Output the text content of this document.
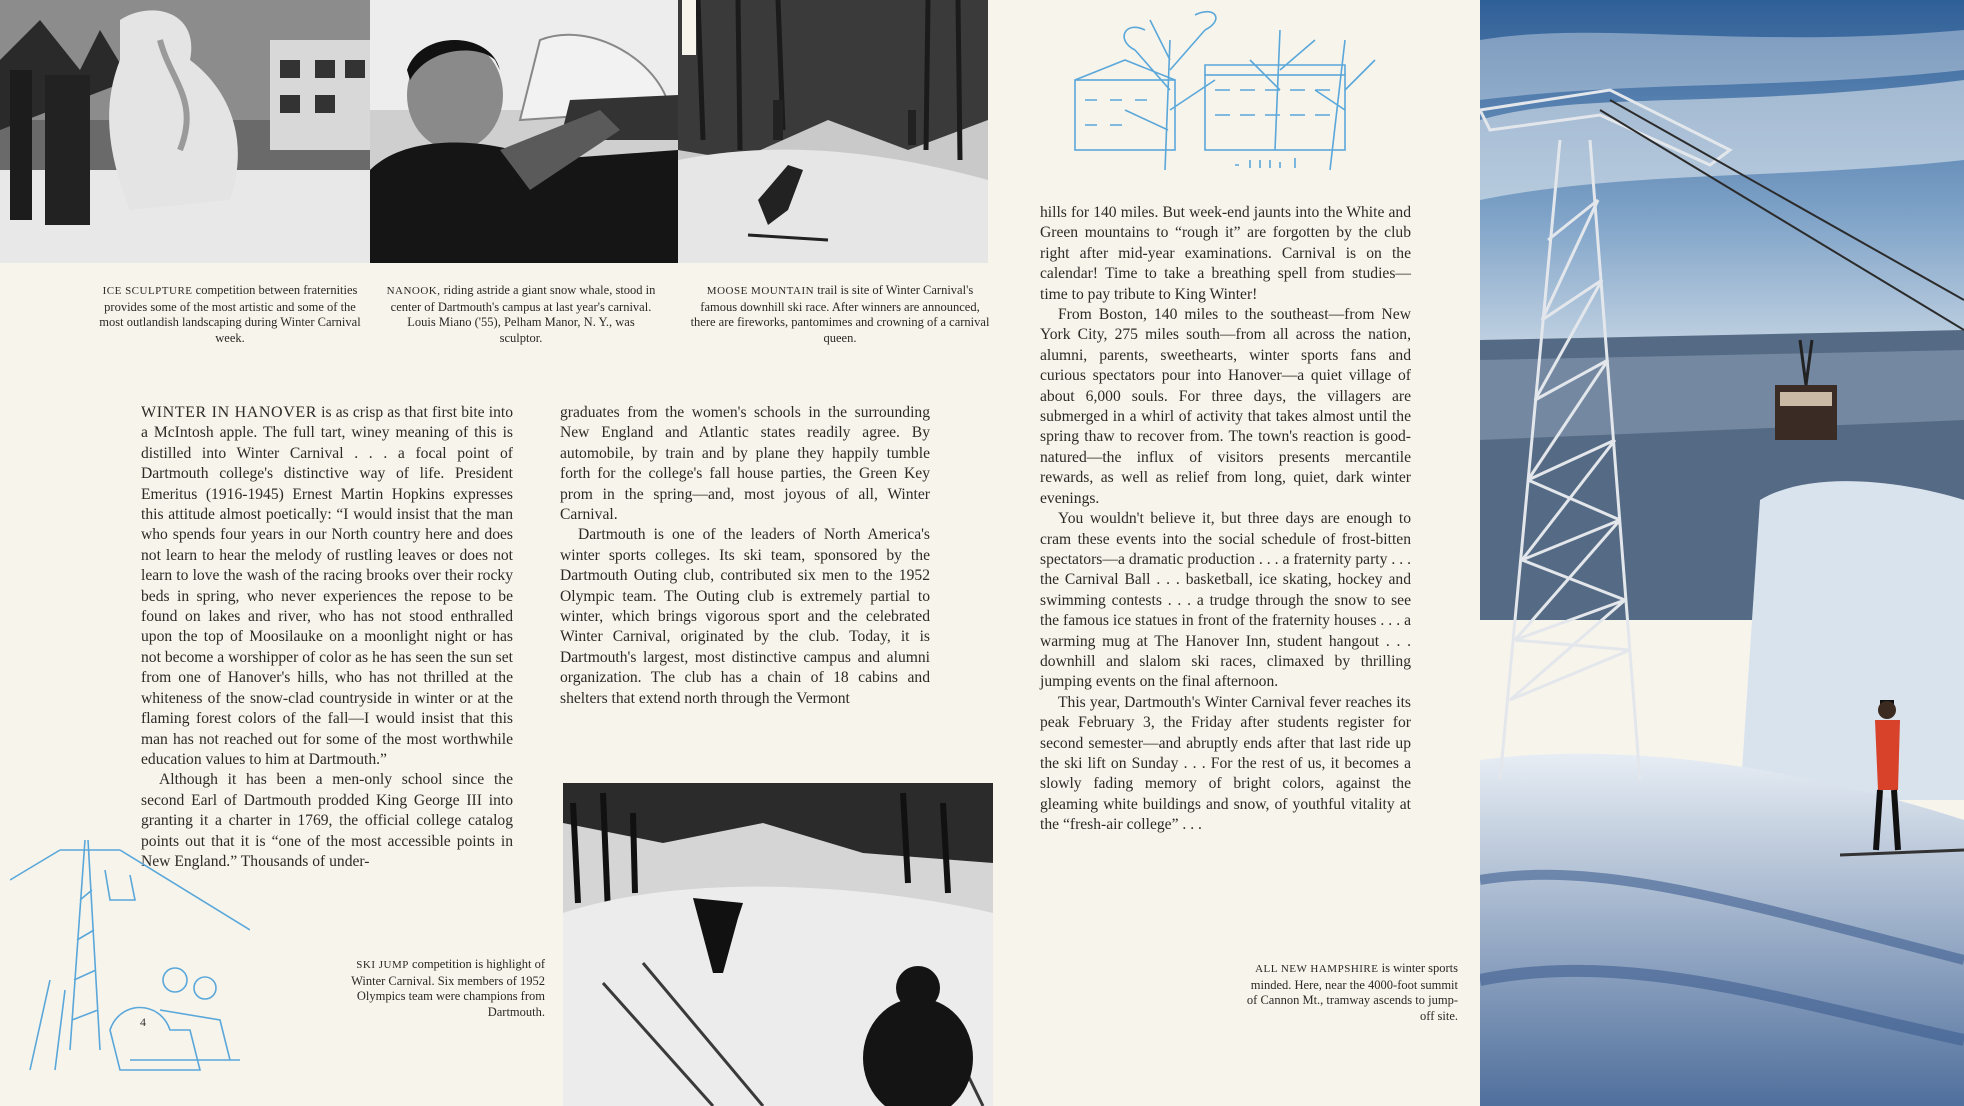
ICE SCULPTURE competition between fraternities provides some of the most artistic and some of the most outlandish landscaping during Winter Carnival week.
NANOOK, riding astride a giant snow whale, stood in center of Dartmouth's campus at last year's carnival. Louis Miano ('55), Pelham Manor, N. Y., was sculptor.
MOOSE MOUNTAIN trail is site of Winter Carnival's famous downhill ski race. After winners are announced, there are fireworks, pantomimes and crowning of a carnival queen.

WINTER IN HANOVER is as crisp as that first bite into a McIntosh apple. The full tart, winey meaning of this is distilled into Winter Carnival . . . a focal point of Dartmouth college's distinctive way of life. President Emeritus (1916-1945) Ernest Martin Hopkins expresses this attitude almost poetically: “I would insist that the man who spends four years in our North country here and does not learn to hear the melody of rustling leaves or does not learn to love the wash of the racing brooks over their rocky beds in spring, who never experiences the repose to be found on lakes and river, who has not stood enthralled upon the top of Moosilauke on a moonlight night or has not become a worshipper of color as he has seen the sun set from one of Hanover's hills, who has not thrilled at the whiteness of the snow-clad countryside in winter or at the flaming forest colors of the fall—I would insist that this man has not reached out for some of the most worthwhile education values to him at Dartmouth.”

Although it has been a men-only school since the second Earl of Dartmouth prodded King George III into granting it a charter in 1769, the official college catalog points out that it is “one of the most accessible points in New England.” Thousands of under-

graduates from the women's schools in the surrounding New England and Atlantic states readily agree. By automobile, by train and by plane they happily tumble forth for the college's fall house parties, the Green Key prom in the spring—and, most joyous of all, Winter Carnival.

Dartmouth is one of the leaders of North America's winter sports colleges. Its ski team, sponsored by the Dartmouth Outing club, contributed six men to the 1952 Olympic team. The Outing club is extremely partial to winter, which brings vigorous sport and the celebrated Winter Carnival, originated by the club. Today, it is Dartmouth's largest, most distinctive campus and alumni organization. The club has a chain of 18 cabins and shelters that extend north through the Vermont

hills for 140 miles. But week-end jaunts into the White and Green mountains to “rough it” are forgotten by the club right after mid-year examinations. Carnival is on the calendar! Time to take a breathing spell from studies—time to pay tribute to King Winter!

From Boston, 140 miles to the southeast—from New York City, 275 miles south—from all across the nation, alumni, parents, sweethearts, winter sports fans and curious spectators pour into Hanover—a quiet village of about 6,000 souls. For three days, the villagers are submerged in a whirl of activity that takes almost until the spring thaw to recover from. The town's reaction is good-natured—the influx of visitors presents mercantile rewards, as well as relief from long, quiet, dark winter evenings.

You wouldn't believe it, but three days are enough to cram these events into the social schedule of frost-bitten spectators—a dramatic production . . . a fraternity party . . . the Carnival Ball . . . basketball, ice skating, hockey and swimming contests . . . a trudge through the snow to see the famous ice statues in front of the fraternity houses . . . a warming mug at The Hanover Inn, student hangout . . . downhill and slalom ski races, climaxed by thrilling jumping events on the final afternoon.

This year, Dartmouth's Winter Carnival fever reaches its peak February 3, the Friday after students register for second semester—and abruptly ends after that last ride up the ski lift on Sunday . . . For the rest of us, it becomes a slowly fading memory of bright colors, against the gleaming white buildings and snow, of youthful vitality at the “fresh-air college” . . .

4
SKI JUMP competition is highlight of Winter Carnival. Six members of 1952 Olympics team were champions from Dartmouth.
ALL NEW HAMPSHIRE is winter sports minded. Here, near the 4000-foot summit of Cannon Mt., tramway ascends to jump-off site.
